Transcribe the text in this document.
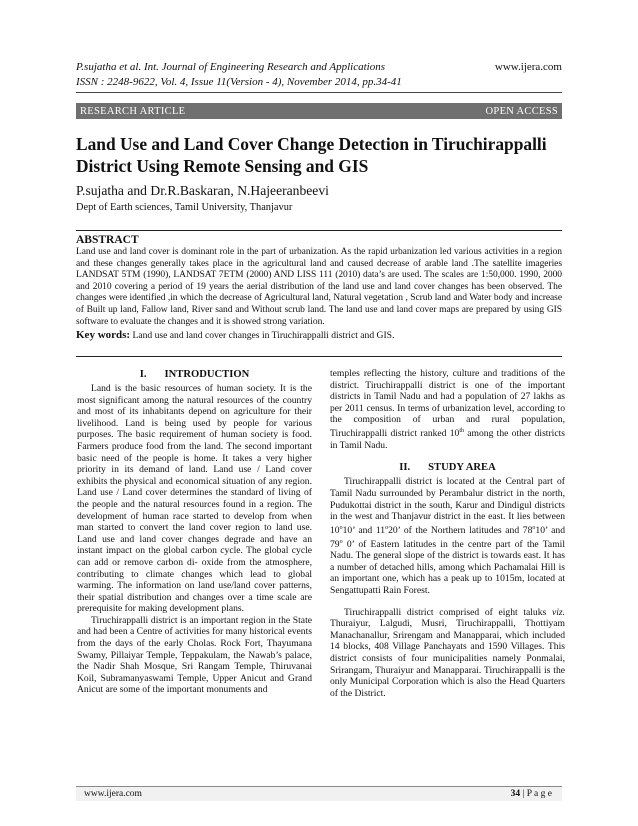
P.sujatha et al. Int. Journal of Engineering Research and Applications
ISSN : 2248-9622, Vol. 4, Issue 11(Version - 4), November 2014, pp.34-41
www.ijera.com
RESEARCH ARTICLE	OPEN ACCESS
Land Use and Land Cover Change Detection in Tiruchirappalli District Using Remote Sensing and GIS
P.sujatha and Dr.R.Baskaran, N.Hajeeranbeevi
Dept of Earth sciences, Tamil University, Thanjavur
ABSTRACT
Land use and land cover is dominant role in the part of urbanization. As the rapid urbanization led various activities in a region and these changes generally takes place in the agricultural land and caused decrease of arable land .The satellite imageries LANDSAT 5TM (1990), LANDSAT 7ETM (2000) AND LISS 111 (2010) data’s are used. The scales are 1:50,000. 1990, 2000 and 2010 covering a period of 19 years the aerial distribution of the land use and land cover changes has been observed. The changes were identified ,in which the decrease of Agricultural land, Natural vegetation , Scrub land and Water body and increase of Built up land, Fallow land, River sand and Without scrub land. The land use and land cover maps are prepared by using GIS software to evaluate the changes and it is showed strong variation.
Key words: Land use and land cover changes in Tiruchirappalli district and GIS.
I. INTRODUCTION
Land is the basic resources of human society. It is the most significant among the natural resources of the country and most of its inhabitants depend on agriculture for their livelihood. Land is being used by people for various purposes. The basic requirement of human society is food. Farmers produce food from the land. The second important basic need of the people is home. It takes a very higher priority in its demand of land. Land use / Land cover exhibits the physical and economical situation of any region. Land use / Land cover determines the standard of living of the people and the natural resources found in a region. The development of human race started to develop from when man started to convert the land cover region to land use. Land use and land cover changes degrade and have an instant impact on the global carbon cycle. The global cycle can add or remove carbon di- oxide from the atmosphere, contributing to climate changes which lead to global warming. The information on land use/land cover patterns, their spatial distribution and changes over a time scale are prerequisite for making development plans.
Tiruchirappalli district is an important region in the State and had been a Centre of activities for many historical events from the days of the early Cholas. Rock Fort, Thayumana Swamy, Pillaiyar Temple, Teppakulam, the Nawab’s palace, the Nadir Shah Mosque, Sri Rangam Temple, Thiruvanai Koil, Subramanyaswami Temple, Upper Anicut and Grand Anicut are some of the important monuments and
temples reflecting the history, culture and traditions of the district. Tiruchirappalli district is one of the important districts in Tamil Nadu and had a population of 27 lakhs as per 2011 census. In terms of urbanization level, according to the composition of urban and rural population, Tiruchirappalli district ranked 10th among the other districts in Tamil Nadu.
II. STUDY AREA
Tiruchirappalli district is located at the Central part of Tamil Nadu surrounded by Perambalur district in the north, Pudukottai district in the south, Karur and Dindigul districts in the west and Thanjavur district in the east. It lies between 10$^o$10’ and 11$^o$20’ of the Northern latitudes and 78$^o$10’ and 79$^o$ 0’ of Eastern latitudes in the centre part of the Tamil Nadu. The general slope of the district is towards east. It has a number of detached hills, among which Pachamalai Hill is an important one, which has a peak up to 1015m, located at Sengattupatti Rain Forest.
Tiruchirappalli district comprised of eight taluks viz. Thuraiyur, Lalgudi, Musri, Tiruchirappalli, Thottiyam Manachanallur, Srirengam and Manapparai, which included 14 blocks, 408 Village Panchayats and 1590 Villages. This district consists of four municipalities namely Ponmalai, Srirangam, Thuraiyur and Manapparai. Tiruchirappalli is the only Municipal Corporation which is also the Head Quarters of the District.
www.ijera.com	34 | P a g e
